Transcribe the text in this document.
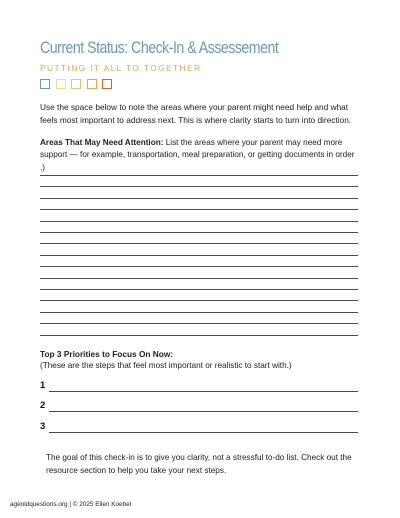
Current Status: Check-In & Assessement
PUTTING IT ALL TO TOGETHER

Use the space below to note the areas where your parent might need help and what feels most important to address next. This is where clarity starts to turn into direction.

Areas That May Need Attention: List the areas where your parent may need more support — for example, transportation, meal preparation, or getting documents in order .)

Top 3 Priorities to Focus On Now:
(These are the steps that feel most important or realistic to start with.)
1
2
3

The goal of this check-in is to give you clarity, not a stressful to-do list. Check out the resource section to help you take your next steps.

ageoldquestions.org | © 2025 Ellen Koebel
